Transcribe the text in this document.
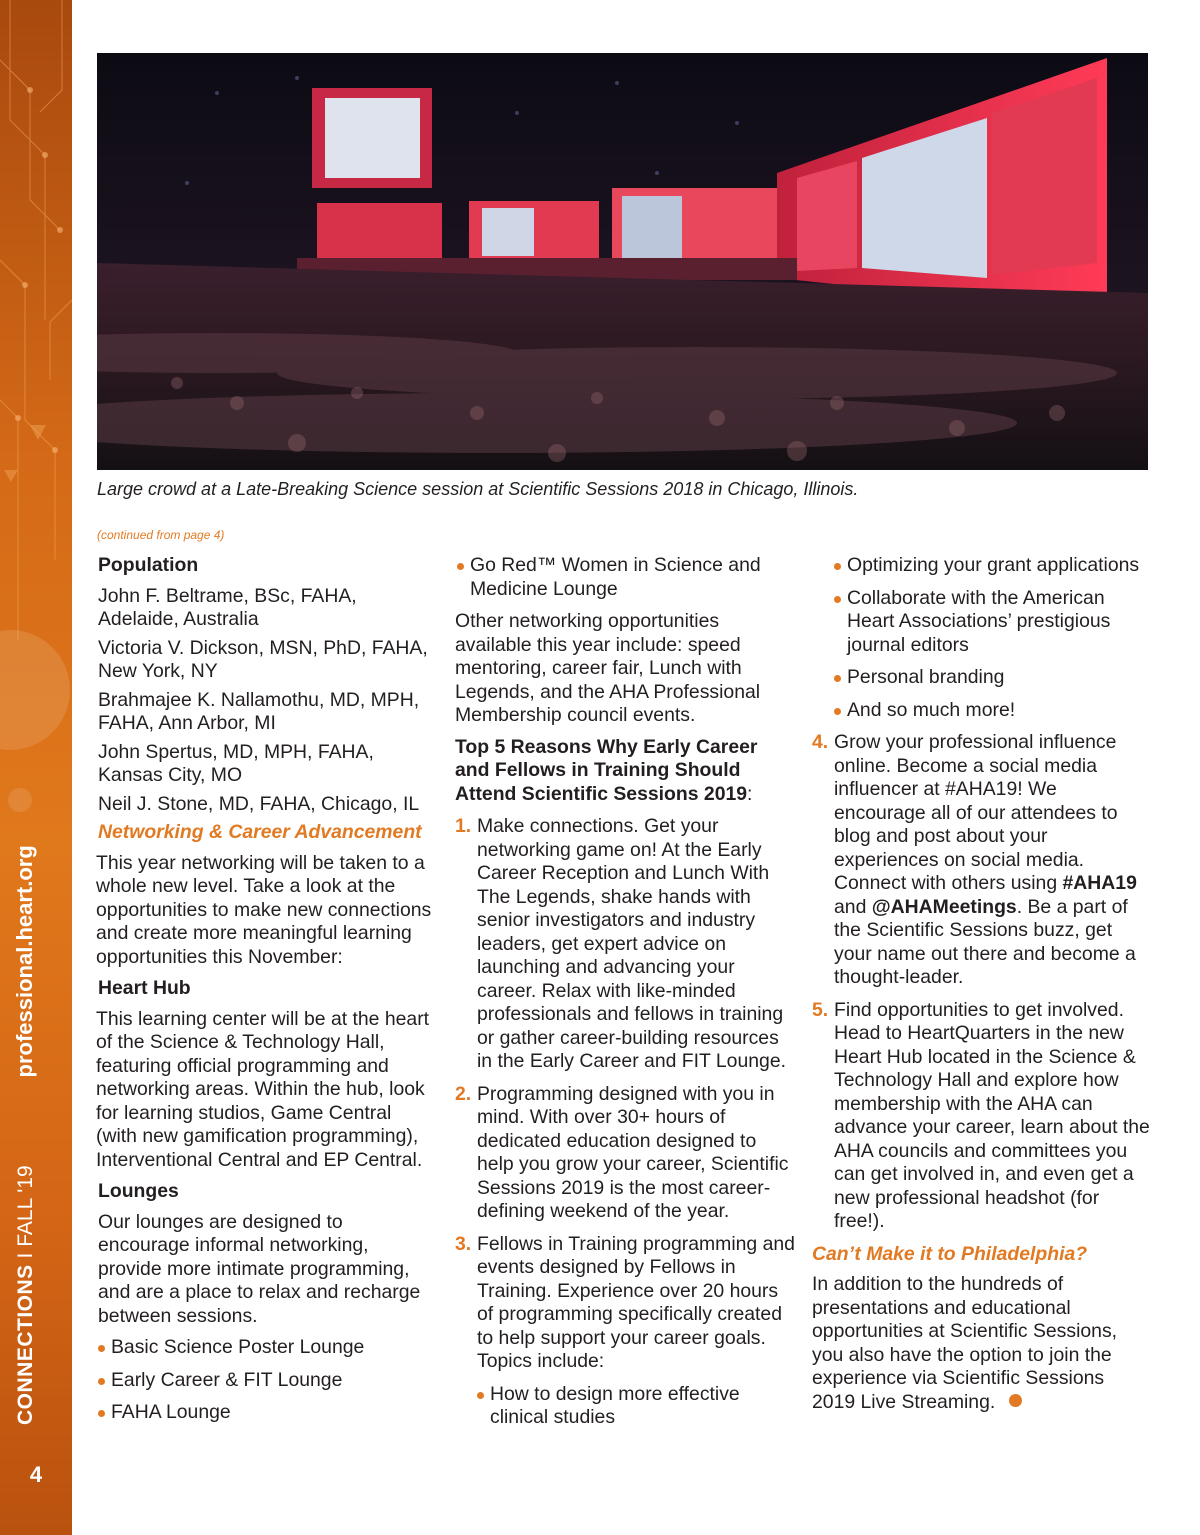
CONNECTIONS I FALL '19 professional.heart.org
4
Large crowd at a Late-Breaking Science session at Scientific Sessions 2018 in Chicago, Illinois.
(continued from page 4)
Population
John F. Beltrame, BSc, FAHA, Adelaide, Australia
Victoria V. Dickson, MSN, PhD, FAHA, New York, NY
Brahmajee K. Nallamothu, MD, MPH, FAHA, Ann Arbor, MI
John Spertus, MD, MPH, FAHA, Kansas City, MO
Neil J. Stone, MD, FAHA, Chicago, IL
Networking & Career Advancement
This year networking will be taken to a whole new level. Take a look at the opportunities to make new connections and create more meaningful learning opportunities this November:
Heart Hub
This learning center will be at the heart of the Science & Technology Hall, featuring official programming and networking areas. Within the hub, look for learning studios, Game Central (with new gamification programming), Interventional Central and EP Central.
Lounges
Our lounges are designed to encourage informal networking, provide more intimate programming, and are a place to relax and recharge between sessions.
Basic Science Poster Lounge
Early Career & FIT Lounge
FAHA Lounge
Go Red™ Women in Science and Medicine Lounge
Other networking opportunities available this year include: speed mentoring, career fair, Lunch with Legends, and the AHA Professional Membership council events.
Top 5 Reasons Why Early Career and Fellows in Training Should Attend Scientific Sessions 2019:
1. Make connections. Get your networking game on! At the Early Career Reception and Lunch With The Legends, shake hands with senior investigators and industry leaders, get expert advice on launching and advancing your career. Relax with like-minded professionals and fellows in training or gather career-building resources in the Early Career and FIT Lounge.
2. Programming designed with you in mind. With over 30+ hours of dedicated education designed to help you grow your career, Scientific Sessions 2019 is the most career-defining weekend of the year.
3. Fellows in Training programming and events designed by Fellows in Training. Experience over 20 hours of programming specifically created to help support your career goals. Topics include:
How to design more effective clinical studies
Optimizing your grant applications
Collaborate with the American Heart Associations’ prestigious journal editors
Personal branding
And so much more!
4. Grow your professional influence online. Become a social media influencer at #AHA19! We encourage all of our attendees to blog and post about your experiences on social media. Connect with others using #AHA19 and @AHAMeetings. Be a part of the Scientific Sessions buzz, get your name out there and become a thought-leader.
5. Find opportunities to get involved. Head to HeartQuarters in the new Heart Hub located in the Science & Technology Hall and explore how membership with the AHA can advance your career, learn about the AHA councils and committees you can get involved in, and even get a new professional headshot (for free!).
Can’t Make it to Philadelphia?
In addition to the hundreds of presentations and educational opportunities at Scientific Sessions, you also have the option to join the experience via Scientific Sessions 2019 Live Streaming.
